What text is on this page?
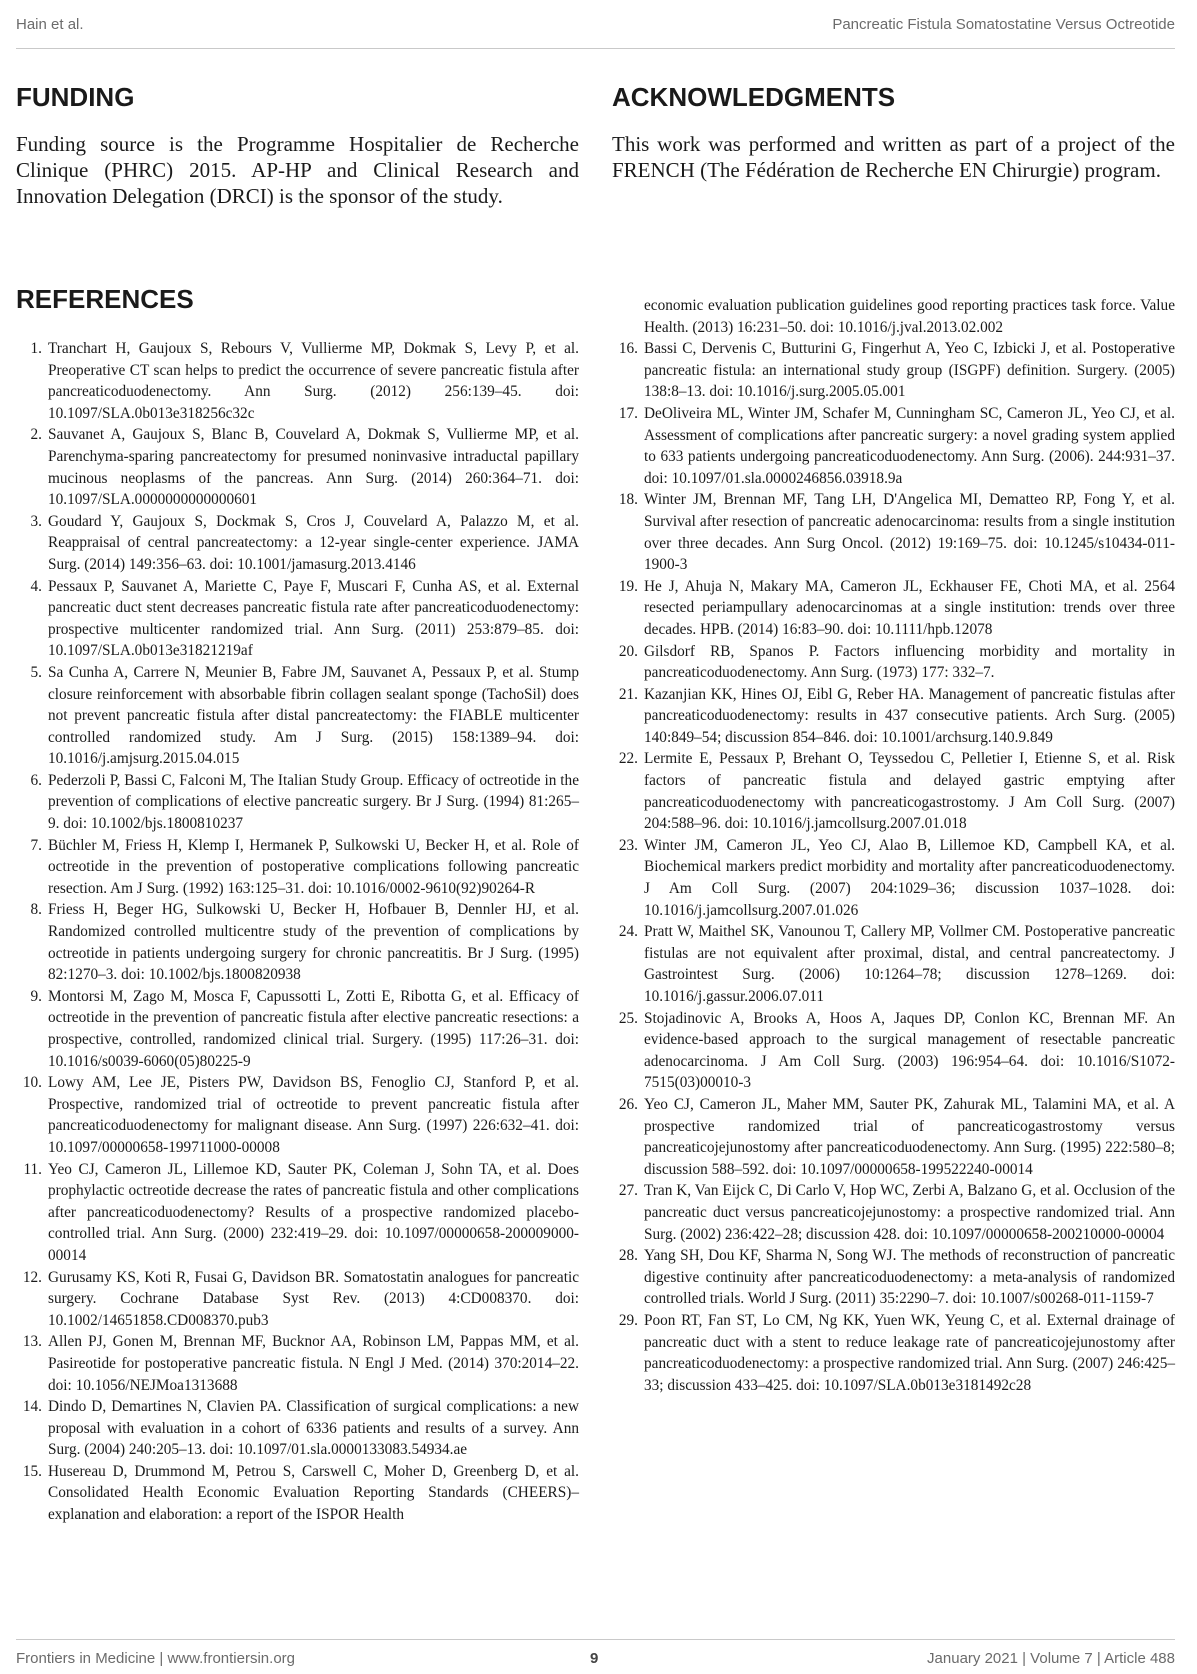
Hain et al.	Pancreatic Fistula Somatostatine Versus Octreotide
FUNDING

Funding source is the Programme Hospitalier de Recherche Clinique (PHRC) 2015. AP-HP and Clinical Research and Innovation Delegation (DRCI) is the sponsor of the study.

ACKNOWLEDGMENTS

This work was performed and written as part of a project of the FRENCH (The Fédération de Recherche EN Chirurgie) program.

REFERENCES

1. Tranchart H, Gaujoux S, Rebours V, Vullierme MP, Dokmak S, Levy P, et al. Preoperative CT scan helps to predict the occurrence of severe pancreatic fistula after pancreaticoduodenectomy. Ann Surg. (2012) 256:139–45. doi: 10.1097/SLA.0b013e318256c32c

2. Sauvanet A, Gaujoux S, Blanc B, Couvelard A, Dokmak S, Vullierme MP, et al. Parenchyma-sparing pancreatectomy for presumed noninvasive intraductal papillary mucinous neoplasms of the pancreas. Ann Surg. (2014) 260:364–71. doi: 10.1097/SLA.0000000000000601

3. Goudard Y, Gaujoux S, Dockmak S, Cros J, Couvelard A, Palazzo M, et al. Reappraisal of central pancreatectomy: a 12-year single-center experience. JAMA Surg. (2014) 149:356–63. doi: 10.1001/jamasurg.2013.4146

4. Pessaux P, Sauvanet A, Mariette C, Paye F, Muscari F, Cunha AS, et al. External pancreatic duct stent decreases pancreatic fistula rate after pancreaticoduodenectomy: prospective multicenter randomized trial. Ann Surg. (2011) 253:879–85. doi: 10.1097/SLA.0b013e31821219af

5. Sa Cunha A, Carrere N, Meunier B, Fabre JM, Sauvanet A, Pessaux P, et al. Stump closure reinforcement with absorbable fibrin collagen sealant sponge (TachoSil) does not prevent pancreatic fistula after distal pancreatectomy: the FIABLE multicenter controlled randomized study. Am J Surg. (2015) 158:1389–94. doi: 10.1016/j.amjsurg.2015.04.015

6. Pederzoli P, Bassi C, Falconi M, The Italian Study Group. Efficacy of octreotide in the prevention of complications of elective pancreatic surgery. Br J Surg. (1994) 81:265–9. doi: 10.1002/bjs.1800810237

7. Büchler M, Friess H, Klemp I, Hermanek P, Sulkowski U, Becker H, et al. Role of octreotide in the prevention of postoperative complications following pancreatic resection. Am J Surg. (1992) 163:125–31. doi: 10.1016/0002-9610(92)90264-R

8. Friess H, Beger HG, Sulkowski U, Becker H, Hofbauer B, Dennler HJ, et al. Randomized controlled multicentre study of the prevention of complications by octreotide in patients undergoing surgery for chronic pancreatitis. Br J Surg. (1995) 82:1270–3. doi: 10.1002/bjs.1800820938

9. Montorsi M, Zago M, Mosca F, Capussotti L, Zotti E, Ribotta G, et al. Efficacy of octreotide in the prevention of pancreatic fistula after elective pancreatic resections: a prospective, controlled, randomized clinical trial. Surgery. (1995) 117:26–31. doi: 10.1016/s0039-6060(05)80225-9

10. Lowy AM, Lee JE, Pisters PW, Davidson BS, Fenoglio CJ, Stanford P, et al. Prospective, randomized trial of octreotide to prevent pancreatic fistula after pancreaticoduodenectomy for malignant disease. Ann Surg. (1997) 226:632–41. doi: 10.1097/00000658-199711000-00008

11. Yeo CJ, Cameron JL, Lillemoe KD, Sauter PK, Coleman J, Sohn TA, et al. Does prophylactic octreotide decrease the rates of pancreatic fistula and other complications after pancreaticoduodenectomy? Results of a prospective randomized placebo-controlled trial. Ann Surg. (2000) 232:419–29. doi: 10.1097/00000658-200009000-00014

12. Gurusamy KS, Koti R, Fusai G, Davidson BR. Somatostatin analogues for pancreatic surgery. Cochrane Database Syst Rev. (2013) 4:CD008370. doi: 10.1002/14651858.CD008370.pub3

13. Allen PJ, Gonen M, Brennan MF, Bucknor AA, Robinson LM, Pappas MM, et al. Pasireotide for postoperative pancreatic fistula. N Engl J Med. (2014) 370:2014–22. doi: 10.1056/NEJMoa1313688

14. Dindo D, Demartines N, Clavien PA. Classification of surgical complications: a new proposal with evaluation in a cohort of 6336 patients and results of a survey. Ann Surg. (2004) 240:205–13. doi: 10.1097/01.sla.0000133083.54934.ae

15. Husereau D, Drummond M, Petrou S, Carswell C, Moher D, Greenberg D, et al. Consolidated Health Economic Evaluation Reporting Standards (CHEERS)–explanation and elaboration: a report of the ISPOR Health

economic evaluation publication guidelines good reporting practices task force. Value Health. (2013) 16:231–50. doi: 10.1016/j.jval.2013.02.002

16. Bassi C, Dervenis C, Butturini G, Fingerhut A, Yeo C, Izbicki J, et al. Postoperative pancreatic fistula: an international study group (ISGPF) definition. Surgery. (2005) 138:8–13. doi: 10.1016/j.surg.2005.05.001

17. DeOliveira ML, Winter JM, Schafer M, Cunningham SC, Cameron JL, Yeo CJ, et al. Assessment of complications after pancreatic surgery: a novel grading system applied to 633 patients undergoing pancreaticoduodenectomy. Ann Surg. (2006). 244:931–37. doi: 10.1097/01.sla.0000246856.03918.9a

18. Winter JM, Brennan MF, Tang LH, D'Angelica MI, Dematteo RP, Fong Y, et al. Survival after resection of pancreatic adenocarcinoma: results from a single institution over three decades. Ann Surg Oncol. (2012) 19:169–75. doi: 10.1245/s10434-011-1900-3

19. He J, Ahuja N, Makary MA, Cameron JL, Eckhauser FE, Choti MA, et al. 2564 resected periampullary adenocarcinomas at a single institution: trends over three decades. HPB. (2014) 16:83–90. doi: 10.1111/hpb.12078

20. Gilsdorf RB, Spanos P. Factors influencing morbidity and mortality in pancreaticoduodenectomy. Ann Surg. (1973) 177: 332–7.

21. Kazanjian KK, Hines OJ, Eibl G, Reber HA. Management of pancreatic fistulas after pancreaticoduodenectomy: results in 437 consecutive patients. Arch Surg. (2005) 140:849–54; discussion 854–846. doi: 10.1001/archsurg.140.9.849

22. Lermite E, Pessaux P, Brehant O, Teyssedou C, Pelletier I, Etienne S, et al. Risk factors of pancreatic fistula and delayed gastric emptying after pancreaticoduodenectomy with pancreaticogastrostomy. J Am Coll Surg. (2007) 204:588–96. doi: 10.1016/j.jamcollsurg.2007.01.018

23. Winter JM, Cameron JL, Yeo CJ, Alao B, Lillemoe KD, Campbell KA, et al. Biochemical markers predict morbidity and mortality after pancreaticoduodenectomy. J Am Coll Surg. (2007) 204:1029–36; discussion 1037–1028. doi: 10.1016/j.jamcollsurg.2007.01.026

24. Pratt W, Maithel SK, Vanounou T, Callery MP, Vollmer CM. Postoperative pancreatic fistulas are not equivalent after proximal, distal, and central pancreatectomy. J Gastrointest Surg. (2006) 10:1264–78; discussion 1278–1269. doi: 10.1016/j.gassur.2006.07.011

25. Stojadinovic A, Brooks A, Hoos A, Jaques DP, Conlon KC, Brennan MF. An evidence-based approach to the surgical management of resectable pancreatic adenocarcinoma. J Am Coll Surg. (2003) 196:954–64. doi: 10.1016/S1072-7515(03)00010-3

26. Yeo CJ, Cameron JL, Maher MM, Sauter PK, Zahurak ML, Talamini MA, et al. A prospective randomized trial of pancreaticogastrostomy versus pancreaticojejunostomy after pancreaticoduodenectomy. Ann Surg. (1995) 222:580–8; discussion 588–592. doi: 10.1097/00000658-199522240-00014

27. Tran K, Van Eijck C, Di Carlo V, Hop WC, Zerbi A, Balzano G, et al. Occlusion of the pancreatic duct versus pancreaticojejunostomy: a prospective randomized trial. Ann Surg. (2002) 236:422–28; discussion 428. doi: 10.1097/00000658-200210000-00004

28. Yang SH, Dou KF, Sharma N, Song WJ. The methods of reconstruction of pancreatic digestive continuity after pancreaticoduodenectomy: a meta-analysis of randomized controlled trials. World J Surg. (2011) 35:2290–7. doi: 10.1007/s00268-011-1159-7

29. Poon RT, Fan ST, Lo CM, Ng KK, Yuen WK, Yeung C, et al. External drainage of pancreatic duct with a stent to reduce leakage rate of pancreaticojejunostomy after pancreaticoduodenectomy: a prospective randomized trial. Ann Surg. (2007) 246:425–33; discussion 433–425. doi: 10.1097/SLA.0b013e3181492c28

Frontiers in Medicine | www.frontiersin.org	9	January 2021 | Volume 7 | Article 488
